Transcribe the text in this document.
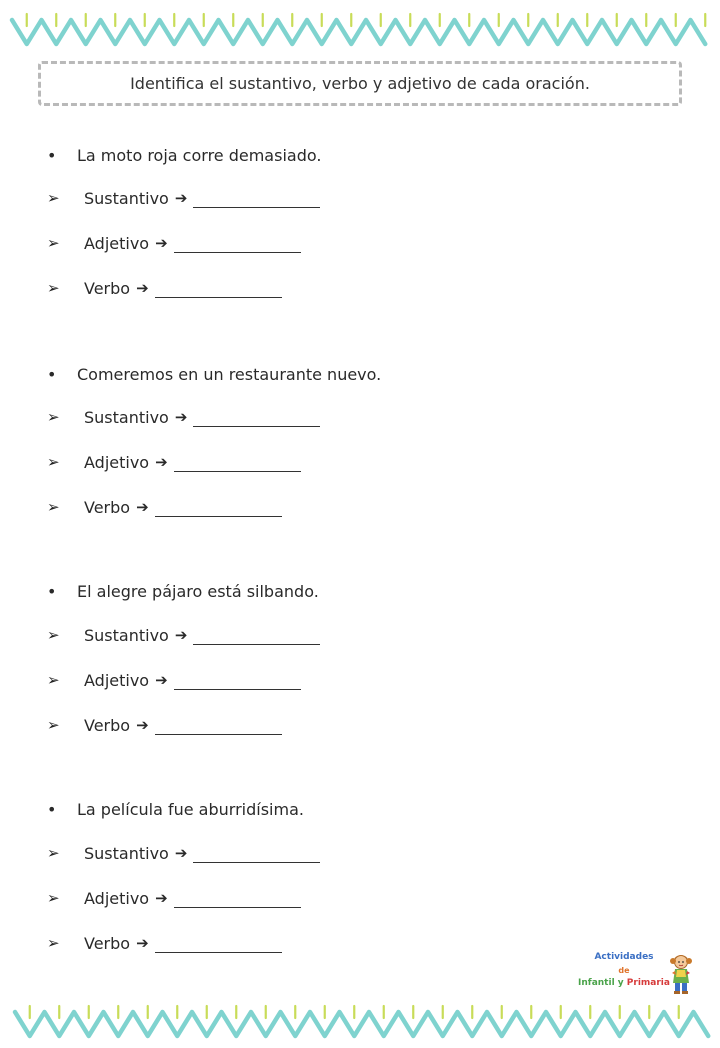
Identifica el sustantivo, verbo y adjetivo de cada oración.
• La moto roja corre demasiado.
➢ Sustantivo ➔
➢ Adjetivo ➔
➢ Verbo ➔
• Comeremos en un restaurante nuevo.
➢ Sustantivo ➔
➢ Adjetivo ➔
➢ Verbo ➔
• El alegre pájaro está silbando.
➢ Sustantivo ➔
➢ Adjetivo ➔
➢ Verbo ➔
• La película fue aburridísima.
➢ Sustantivo ➔
➢ Adjetivo ➔
➢ Verbo ➔
Actividades
de
Infantil y Primaria
